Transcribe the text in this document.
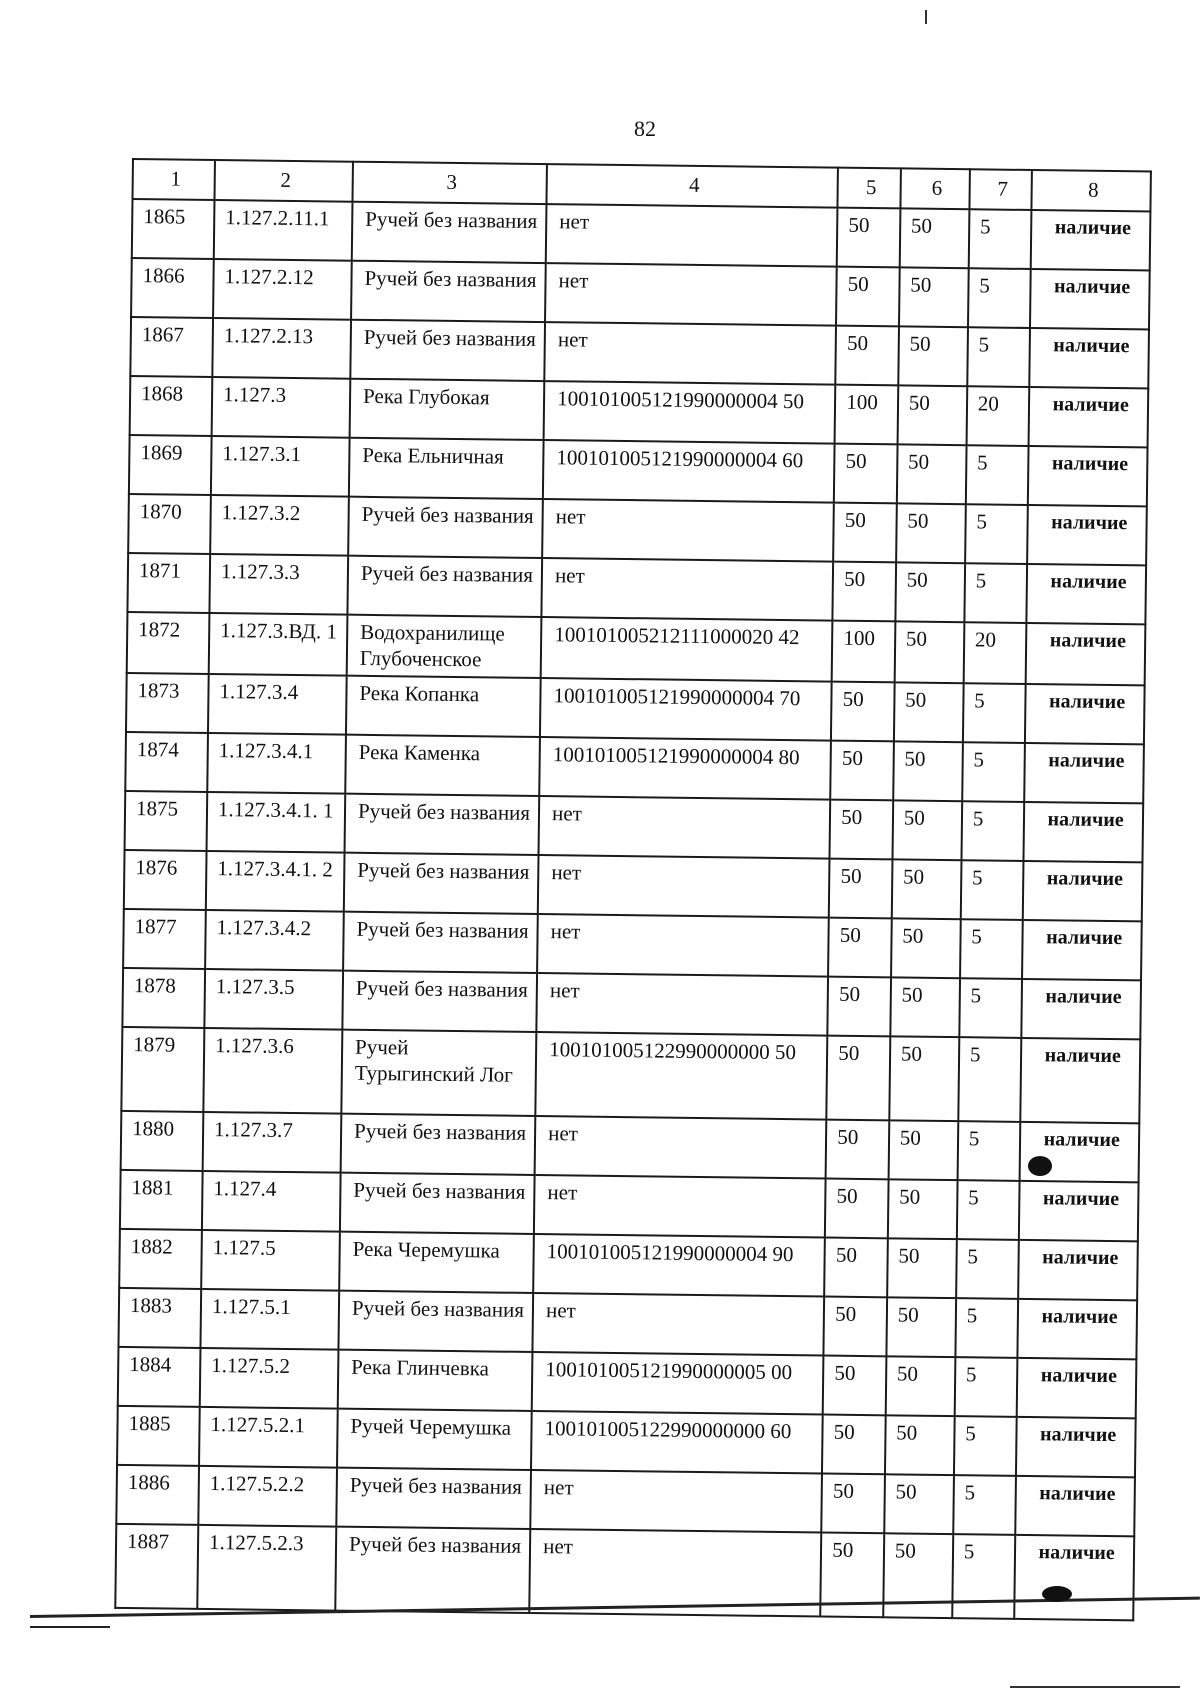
82
1	2	3	4	5	6	7	8
1865	1.127.2.11.1	Ручей без названия	нет	50	50	5	наличие
1866	1.127.2.12	Ручей без названия	нет	50	50	5	наличие
1867	1.127.2.13	Ручей без названия	нет	50	50	5	наличие
1868	1.127.3	Река Глубокая	100101005121990000004 50	100	50	20	наличие
1869	1.127.3.1	Река Ельничная	100101005121990000004 60	50	50	5	наличие
1870	1.127.3.2	Ручей без названия	нет	50	50	5	наличие
1871	1.127.3.3	Ручей без названия	нет	50	50	5	наличие
1872	1.127.3.ВД. 1	Водохранилище Глубоченское	100101005212111000020 42	100	50	20	наличие
1873	1.127.3.4	Река Копанка	100101005121990000004 70	50	50	5	наличие
1874	1.127.3.4.1	Река Каменка	100101005121990000004 80	50	50	5	наличие
1875	1.127.3.4.1. 1	Ручей без названия	нет	50	50	5	наличие
1876	1.127.3.4.1. 2	Ручей без названия	нет	50	50	5	наличие
1877	1.127.3.4.2	Ручей без названия	нет	50	50	5	наличие
1878	1.127.3.5	Ручей без названия	нет	50	50	5	наличие
1879	1.127.3.6	Ручей Турыгинский Лог	100101005122990000000 50	50	50	5	наличие
1880	1.127.3.7	Ручей без названия	нет	50	50	5	наличие
1881	1.127.4	Ручей без названия	нет	50	50	5	наличие
1882	1.127.5	Река Черемушка	100101005121990000004 90	50	50	5	наличие
1883	1.127.5.1	Ручей без названия	нет	50	50	5	наличие
1884	1.127.5.2	Река Глинчевка	100101005121990000005 00	50	50	5	наличие
1885	1.127.5.2.1	Ручей Черемушка	100101005122990000000 60	50	50	5	наличие
1886	1.127.5.2.2	Ручей без названия	нет	50	50	5	наличие
1887	1.127.5.2.3	Ручей без названия	нет	50	50	5	наличие
